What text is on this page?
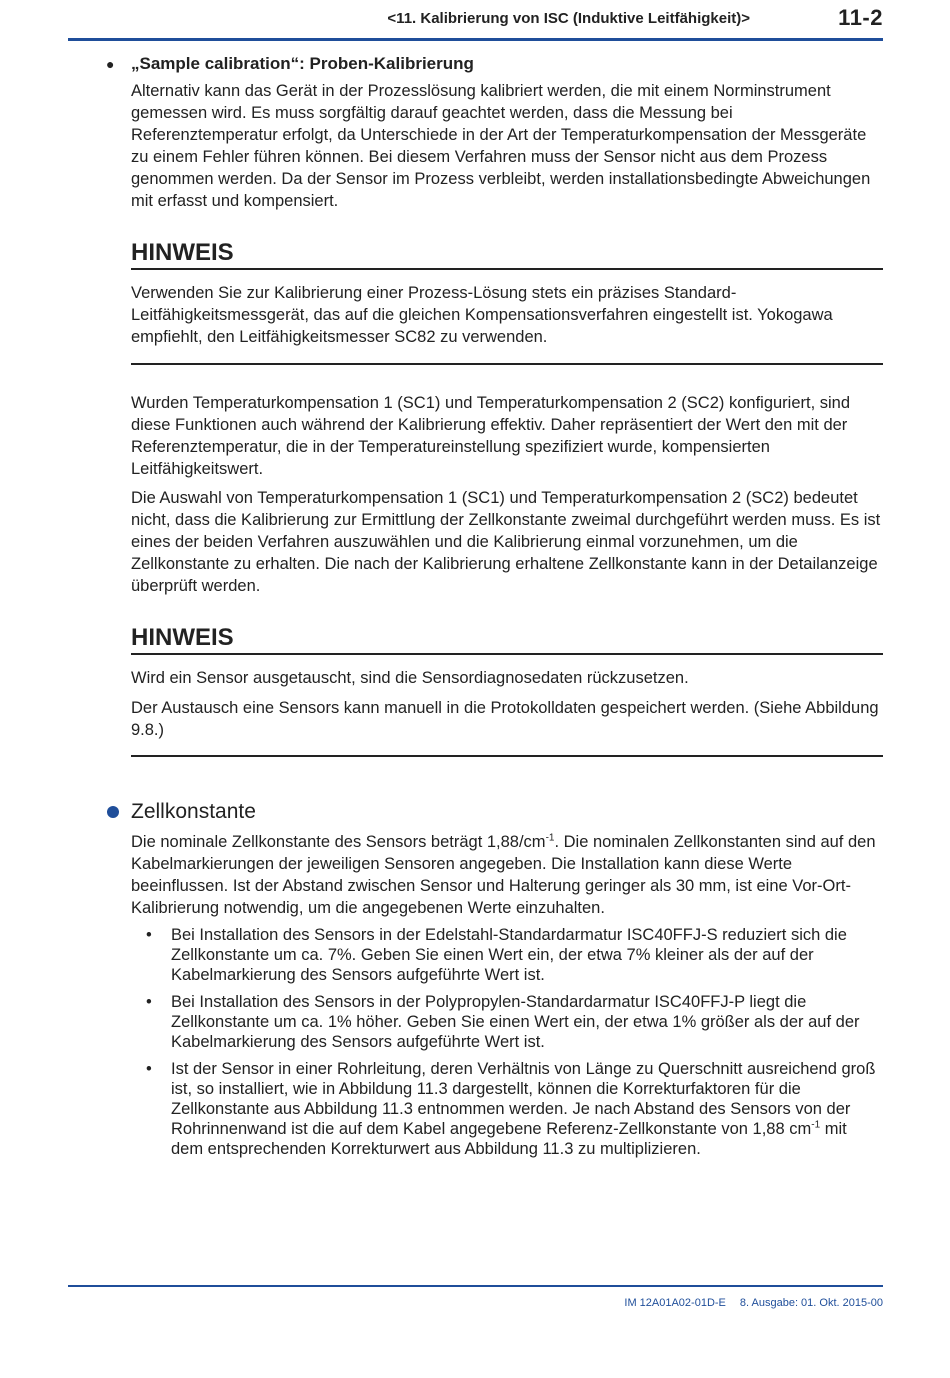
<11. Kalibrierung von ISC (Induktive Leitfähigkeit)>	11-2
● „Sample calibration“: Proben-Kalibrierung

Alternativ kann das Gerät in der Prozesslösung kalibriert werden, die mit einem Norminstrument gemessen wird. Es muss sorgfältig darauf geachtet werden, dass die Messung bei Referenztemperatur erfolgt, da Unterschiede in der Art der Temperaturkompensation der Messgeräte zu einem Fehler führen können. Bei diesem Verfahren muss der Sensor nicht aus dem Prozess genommen werden. Da der Sensor im Prozess verbleibt, werden installationsbedingte Abweichungen mit erfasst und kompensiert.

HINWEIS

Verwenden Sie zur Kalibrierung einer Prozess-Lösung stets ein präzises Standard-Leitfähigkeitsmessgerät, das auf die gleichen Kompensationsverfahren eingestellt ist. Yokogawa empfiehlt, den Leitfähigkeitsmesser SC82 zu verwenden.

Wurden Temperaturkompensation 1 (SC1) und Temperaturkompensation 2 (SC2) konfiguriert, sind diese Funktionen auch während der Kalibrierung effektiv. Daher repräsentiert der Wert den mit der Referenztemperatur, die in der Temperatureinstellung spezifiziert wurde, kompensierten Leitfähigkeitswert.

Die Auswahl von Temperaturkompensation 1 (SC1) und Temperaturkompensation 2 (SC2) bedeutet nicht, dass die Kalibrierung zur Ermittlung der Zellkonstante zweimal durchgeführt werden muss. Es ist eines der beiden Verfahren auszuwählen und die Kalibrierung einmal vorzunehmen, um die Zellkonstante zu erhalten. Die nach der Kalibrierung erhaltene Zellkonstante kann in der Detailanzeige überprüft werden.

HINWEIS

Wird ein Sensor ausgetauscht, sind die Sensordiagnosedaten rückzusetzen.

Der Austausch eine Sensors kann manuell in die Protokolldaten gespeichert werden. (Siehe Abbildung 9.8.)

Zellkonstante

Die nominale Zellkonstante des Sensors beträgt $1,88/cm^{-1}$. Die nominalen Zellkonstanten sind auf den Kabelmarkierungen der jeweiligen Sensoren angegeben. Die Installation kann diese Werte beeinflussen. Ist der Abstand zwischen Sensor und Halterung geringer als 30 mm, ist eine Vor-Ort-Kalibrierung notwendig, um die angegebenen Werte einzuhalten.

• Bei Installation des Sensors in der Edelstahl-Standardarmatur ISC40FFJ-S reduziert sich die Zellkonstante um ca. 7%. Geben Sie einen Wert ein, der etwa 7% kleiner als der auf der Kabelmarkierung des Sensors aufgeführte Wert ist.
• Bei Installation des Sensors in der Polypropylen-Standardarmatur ISC40FFJ-P liegt die Zellkonstante um ca. 1% höher. Geben Sie einen Wert ein, der etwa 1% größer als der auf der Kabelmarkierung des Sensors aufgeführte Wert ist.
• Ist der Sensor in einer Rohrleitung, deren Verhältnis von Länge zu Querschnitt ausreichend groß ist, so installiert, wie in Abbildung 11.3 dargestellt, können die Korrekturfaktoren für die Zellkonstante aus Abbildung 11.3 entnommen werden. Je nach Abstand des Sensors von der Rohrinnenwand ist die auf dem Kabel angegebene Referenz-Zellkonstante von 1,88 $cm^{-1}$ mit dem entsprechenden Korrekturwert aus Abbildung 11.3 zu multiplizieren.
IM 12A01A02-01D-E 8. Ausgabe: 01. Okt. 2015-00
